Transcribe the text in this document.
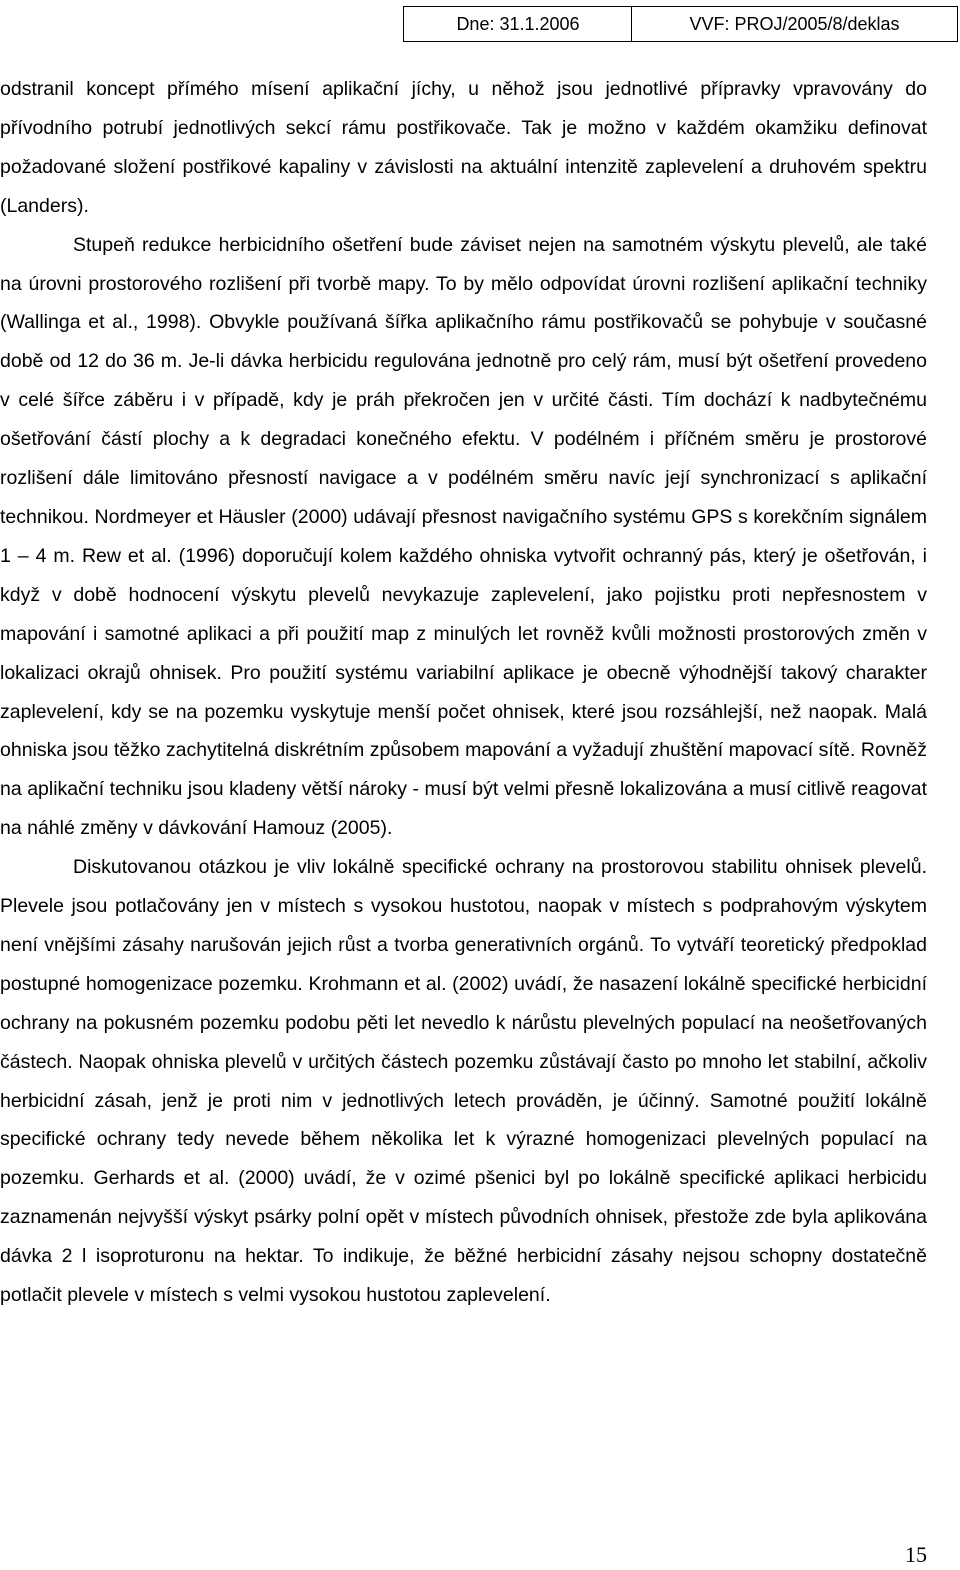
Dne: 31.1.2006	VVF: PROJ/2005/8/deklas

odstranil koncept přímého mísení aplikační jíchy, u něhož jsou jednotlivé přípravky vpravovány do přívodního potrubí jednotlivých sekcí rámu postřikovače. Tak je možno v každém okamžiku definovat požadované složení postřikové kapaliny v závislosti na aktuální intenzitě zaplevelení a druhovém spektru (Landers).

Stupeň redukce herbicidního ošetření bude záviset nejen na samotném výskytu plevelů, ale také na úrovni prostorového rozlišení při tvorbě mapy. To by mělo odpovídat úrovni rozlišení aplikační techniky (Wallinga et al., 1998). Obvykle používaná šířka aplikačního rámu postřikovačů se pohybuje v současné době od 12 do 36 m. Je-li dávka herbicidu regulována jednotně pro celý rám, musí být ošetření provedeno v celé šířce záběru i v případě, kdy je práh překročen jen v určité části. Tím dochází k nadbytečnému ošetřování částí plochy a k degradaci konečného efektu. V podélném i příčném směru je prostorové rozlišení dále limitováno přesností navigace a v podélném směru navíc její synchronizací s aplikační technikou. Nordmeyer et Häusler (2000) udávají přesnost navigačního systému GPS s korekčním signálem 1 – 4 m. Rew et al. (1996) doporučují kolem každého ohniska vytvořit ochranný pás, který je ošetřován, i když v době hodnocení výskytu plevelů nevykazuje zaplevelení, jako pojistku proti nepřesnostem v mapování i samotné aplikaci a při použití map z minulých let rovněž kvůli možnosti prostorových změn v lokalizaci okrajů ohnisek. Pro použití systému variabilní aplikace je obecně výhodnější takový charakter zaplevelení, kdy se na pozemku vyskytuje menší počet ohnisek, které jsou rozsáhlejší, než naopak. Malá ohniska jsou těžko zachytitelná diskrétním způsobem mapování a vyžadují zhuštění mapovací sítě. Rovněž na aplikační techniku jsou kladeny větší nároky - musí být velmi přesně lokalizována a musí citlivě reagovat na náhlé změny v dávkování Hamouz (2005).

Diskutovanou otázkou je vliv lokálně specifické ochrany na prostorovou stabilitu ohnisek plevelů. Plevele jsou potlačovány jen v místech s vysokou hustotou, naopak v místech s podprahovým výskytem není vnějšími zásahy narušován jejich růst a tvorba generativních orgánů. To vytváří teoretický předpoklad postupné homogenizace pozemku. Krohmann et al. (2002) uvádí, že nasazení lokálně specifické herbicidní ochrany na pokusném pozemku podobu pěti let nevedlo k nárůstu plevelných populací na neošetřovaných částech. Naopak ohniska plevelů v určitých částech pozemku zůstávají často po mnoho let stabilní, ačkoliv herbicidní zásah, jenž je proti nim v jednotlivých letech prováděn, je účinný. Samotné použití lokálně specifické ochrany tedy nevede během několika let k výrazné homogenizaci plevelných populací na pozemku. Gerhards et al. (2000) uvádí, že v ozimé pšenici byl po lokálně specifické aplikaci herbicidu zaznamenán nejvyšší výskyt psárky polní opět v místech původních ohnisek, přestože zde byla aplikována dávka 2 l isoproturonu na hektar. To indikuje, že běžné herbicidní zásahy nejsou schopny dostatečně potlačit plevele v místech s velmi vysokou hustotou zaplevelení.

15
